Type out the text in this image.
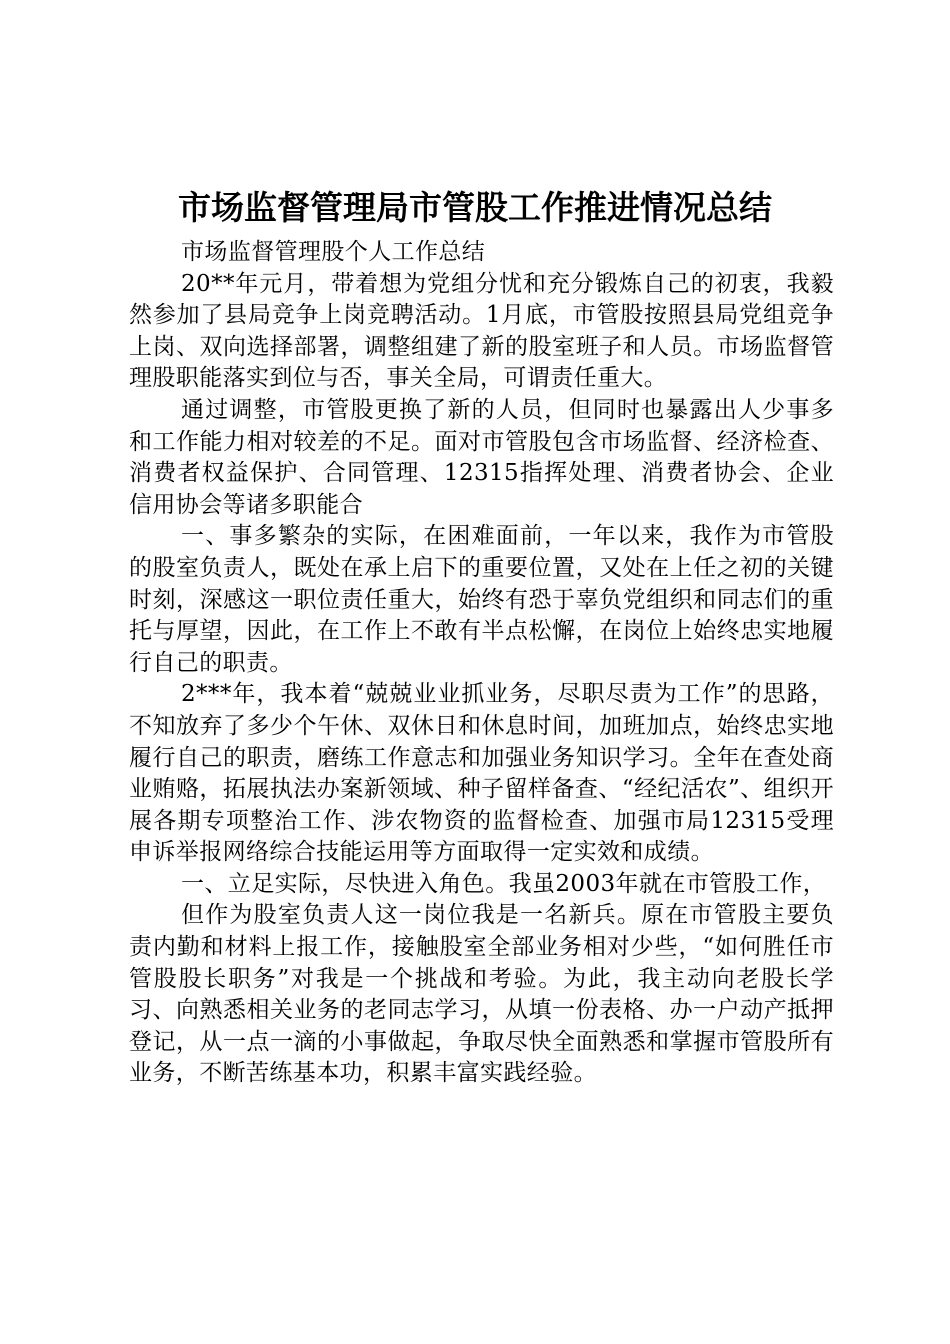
市场监督管理局市管股工作推进情况总结

市场监督管理股个人工作总结

20**年元月，带着想为党组分忧和充分锻炼自己的初衷，我毅然参加了县局竞争上岗竞聘活动。1月底，市管股按照县局党组竞争上岗、双向选择部署，调整组建了新的股室班子和人员。市场监督管理股职能落实到位与否，事关全局，可谓责任重大。

通过调整，市管股更换了新的人员，但同时也暴露出人少事多和工作能力相对较差的不足。面对市管股包含市场监督、经济检查、消费者权益保护、合同管理、12315指挥处理、消费者协会、企业信用协会等诸多职能合

一、事多繁杂的实际，在困难面前，一年以来，我作为市管股的股室负责人，既处在承上启下的重要位置，又处在上任之初的关键时刻，深感这一职位责任重大，始终有恐于辜负党组织和同志们的重托与厚望，因此，在工作上不敢有半点松懈，在岗位上始终忠实地履行自己的职责。

2***年，我本着“兢兢业业抓业务，尽职尽责为工作”的思路，不知放弃了多少个午休、双休日和休息时间，加班加点，始终忠实地履行自己的职责，磨练工作意志和加强业务知识学习。全年在查处商业贿赂，拓展执法办案新领域、种子留样备查、“经纪活农”、组织开展各期专项整治工作、涉农物资的监督检查、加强市局12315受理申诉举报网络综合技能运用等方面取得一定实效和成绩。

一、立足实际，尽快进入角色。我虽2003年就在市管股工作，

但作为股室负责人这一岗位我是一名新兵。原在市管股主要负责内勤和材料上报工作，接触股室全部业务相对少些，“如何胜任市管股股长职务”对我是一个挑战和考验。为此，我主动向老股长学习、向熟悉相关业务的老同志学习，从填一份表格、办一户动产抵押登记，从一点一滴的小事做起，争取尽快全面熟悉和掌握市管股所有业务，不断苦练基本功，积累丰富实践经验。
